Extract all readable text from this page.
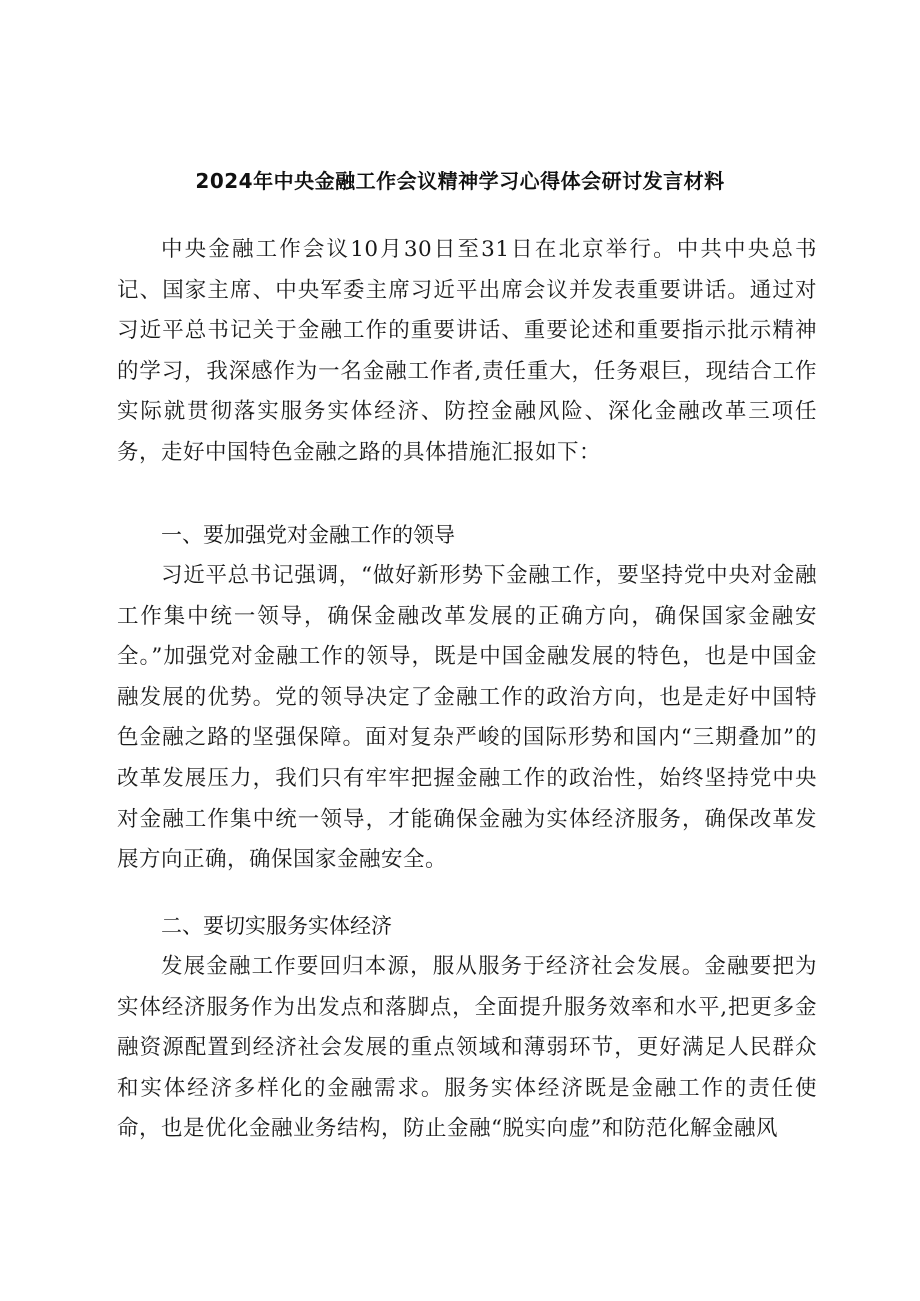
2024年中央金融工作会议精神学习心得体会研讨发言材料

中央金融工作会议10月30日至31日在北京举行。中共中央总书记、国家主席、中央军委主席习近平出席会议并发表重要讲话。通过对习近平总书记关于金融工作的重要讲话、重要论述和重要指示批示精神的学习，我深感作为一名金融工作者,责任重大，任务艰巨，现结合工作实际就贯彻落实服务实体经济、防控金融风险、深化金融改革三项任务，走好中国特色金融之路的具体措施汇报如下：

一、要加强党对金融工作的领导

习近平总书记强调，“做好新形势下金融工作，要坚持党中央对金融工作集中统一领导，确保金融改革发展的正确方向，确保国家金融安全。”加强党对金融工作的领导，既是中国金融发展的特色，也是中国金融发展的优势。党的领导决定了金融工作的政治方向，也是走好中国特色金融之路的坚强保障。面对复杂严峻的国际形势和国内“三期叠加”的改革发展压力，我们只有牢牢把握金融工作的政治性，始终坚持党中央对金融工作集中统一领导，才能确保金融为实体经济服务，确保改革发展方向正确，确保国家金融安全。

二、要切实服务实体经济

发展金融工作要回归本源，服从服务于经济社会发展。金融要把为实体经济服务作为出发点和落脚点，全面提升服务效率和水平,把更多金融资源配置到经济社会发展的重点领域和薄弱环节，更好满足人民群众和实体经济多样化的金融需求。服务实体经济既是金融工作的责任使命，也是优化金融业务结构，防止金融“脱实向虚”和防范化解金融风
